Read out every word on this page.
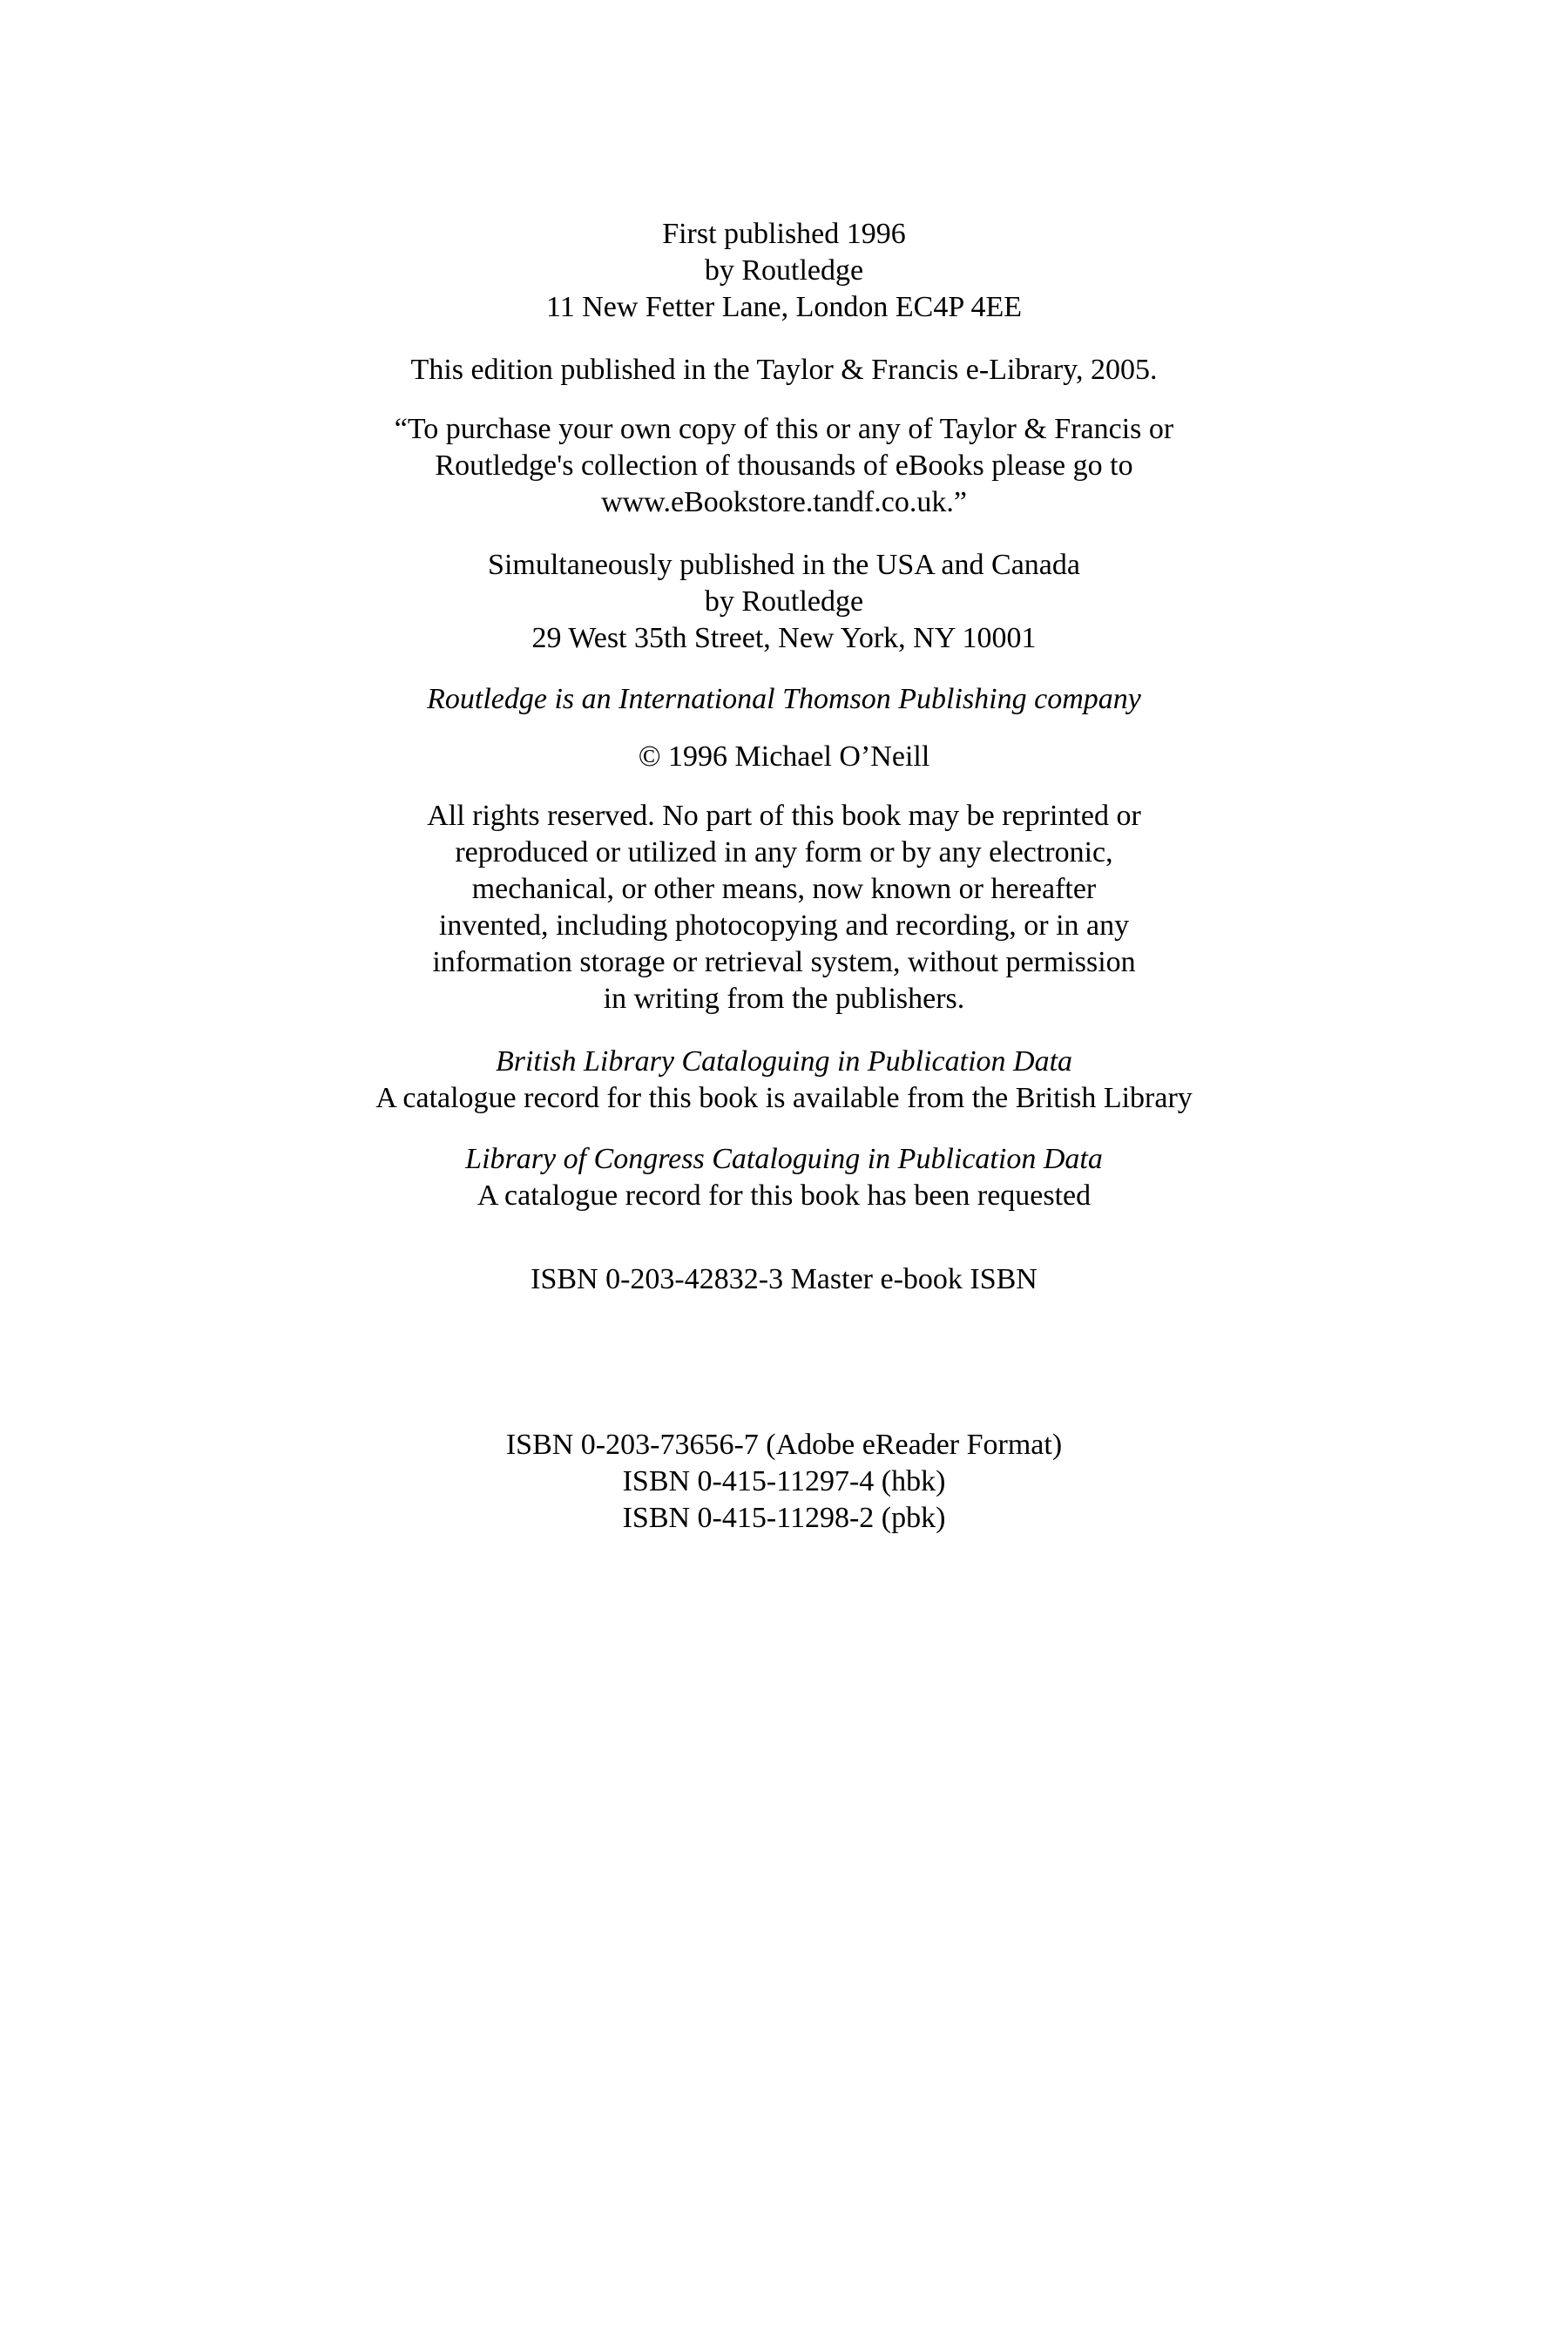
First published 1996
by Routledge
11 New Fetter Lane, London EC4P 4EE
This edition published in the Taylor & Francis e-Library, 2005.
“To purchase your own copy of this or any of Taylor & Francis or
Routledge's collection of thousands of eBooks please go to
www.eBookstore.tandf.co.uk.”
Simultaneously published in the USA and Canada
by Routledge
29 West 35th Street, New York, NY 10001
Routledge is an International Thomson Publishing company
© 1996 Michael O’Neill
All rights reserved. No part of this book may be reprinted or
reproduced or utilized in any form or by any electronic,
mechanical, or other means, now known or hereafter
invented, including photocopying and recording, or in any
information storage or retrieval system, without permission
in writing from the publishers.
British Library Cataloguing in Publication Data
A catalogue record for this book is available from the British Library
Library of Congress Cataloguing in Publication Data
A catalogue record for this book has been requested
ISBN 0-203-42832-3 Master e-book ISBN
ISBN 0-203-73656-7 (Adobe eReader Format)
ISBN 0-415-11297-4 (hbk)
ISBN 0-415-11298-2 (pbk)
